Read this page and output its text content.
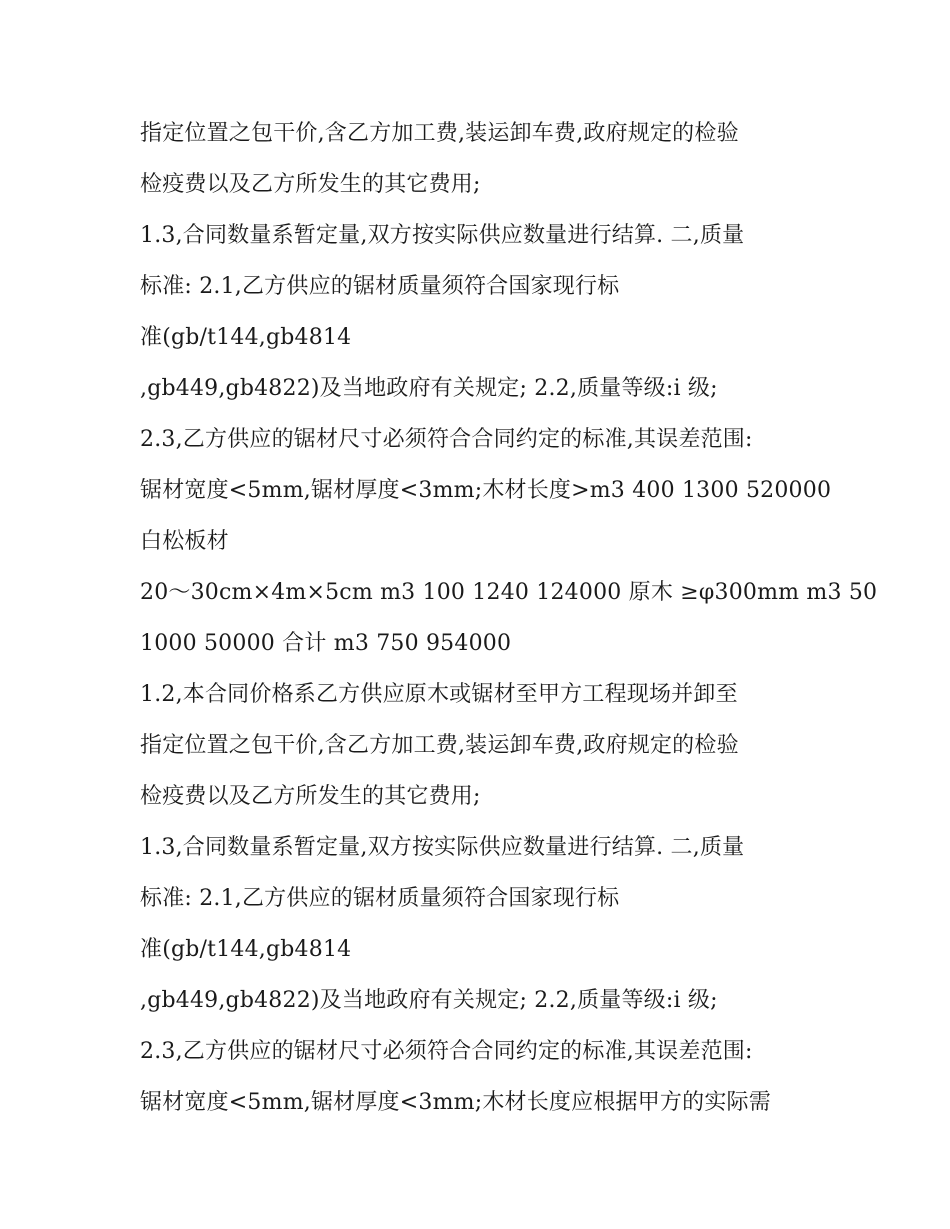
指定位置之包干价,含乙方加工费,装运卸车费,政府规定的检验
检疫费以及乙方所发生的其它费用;
1.3,合同数量系暂定量,双方按实际供应数量进行结算. 二,质量
标准: 2.1,乙方供应的锯材质量须符合国家现行标
准(gb/t144,gb4814
,gb449,gb4822)及当地政府有关规定; 2.2,质量等级:i 级;
2.3,乙方供应的锯材尺寸必须符合合同约定的标准,其误差范围:
锯材宽度<5mm,锯材厚度<3mm;木材长度>m3 400 1300 520000
白松板材
20～30cm×4m×5cm m3 100 1240 124000 原木 ≥φ300mm m3 50
1000 50000 合计 m3 750 954000
1.2,本合同价格系乙方供应原木或锯材至甲方工程现场并卸至
指定位置之包干价,含乙方加工费,装运卸车费,政府规定的检验
检疫费以及乙方所发生的其它费用;
1.3,合同数量系暂定量,双方按实际供应数量进行结算. 二,质量
标准: 2.1,乙方供应的锯材质量须符合国家现行标
准(gb/t144,gb4814
,gb449,gb4822)及当地政府有关规定; 2.2,质量等级:i 级;
2.3,乙方供应的锯材尺寸必须符合合同约定的标准,其误差范围:
锯材宽度<5mm,锯材厚度<3mm;木材长度应根据甲方的实际需
